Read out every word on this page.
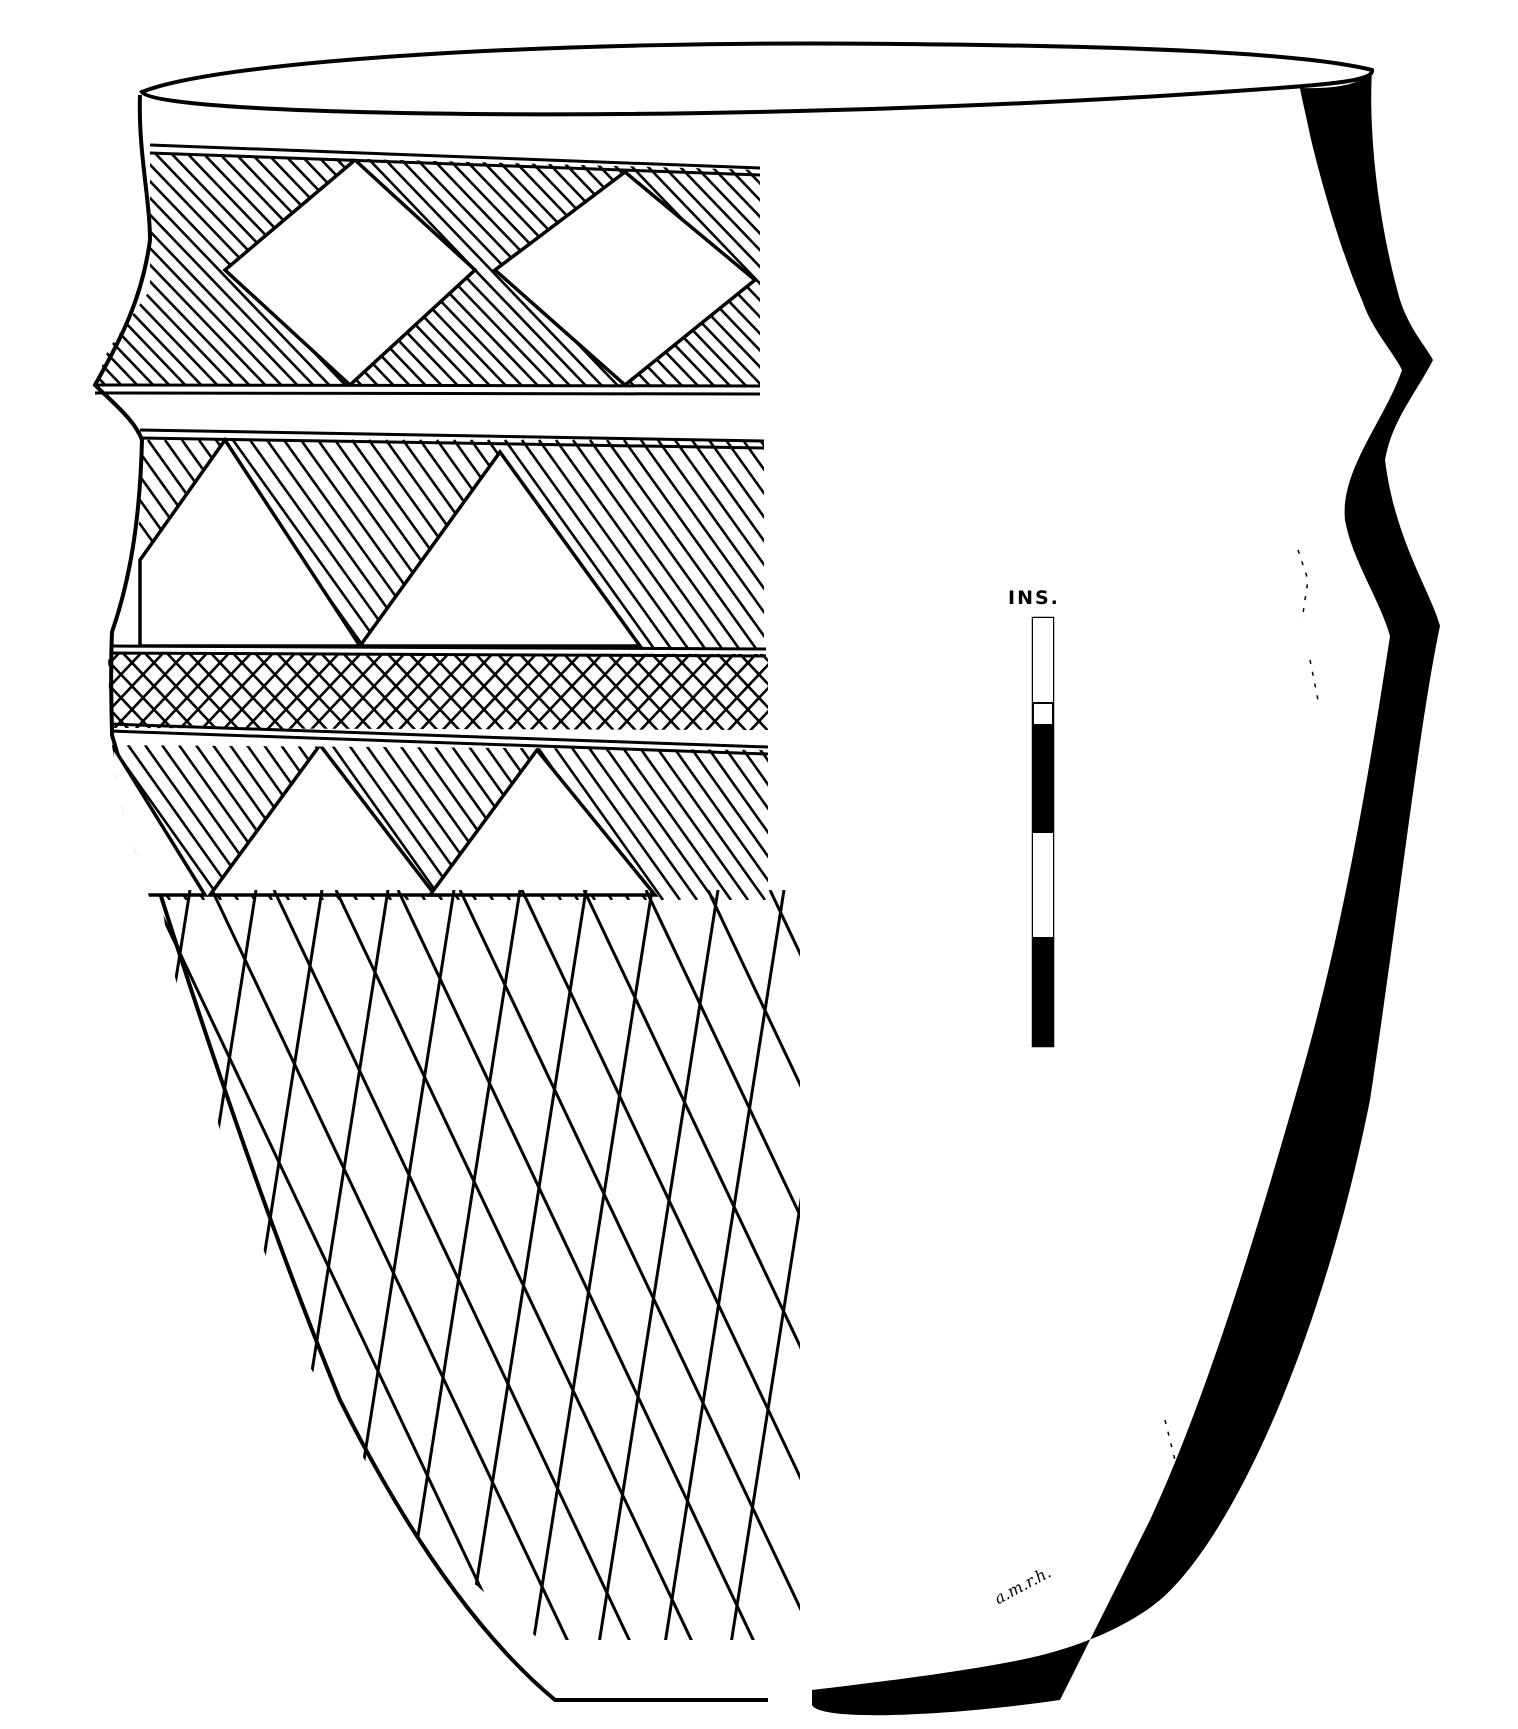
INS.
a.m.r.h.
